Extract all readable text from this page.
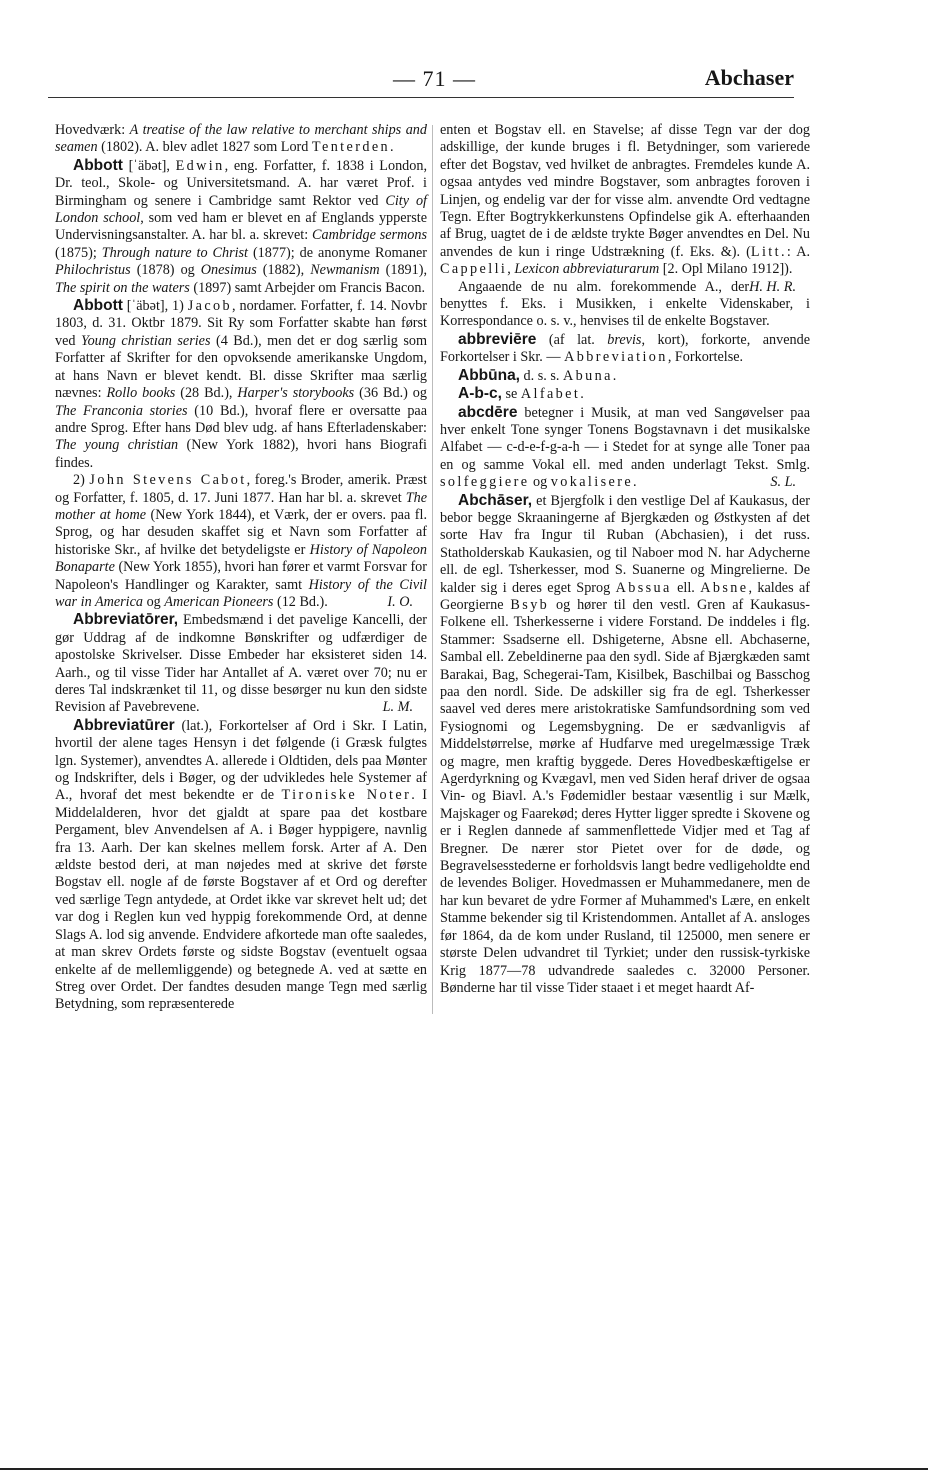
— 71 —	Abchaser

Hovedværk: A treatise of the law relative to merchant ships and seamen (1802). A. blev adlet 1827 som Lord Tenterden.

Abbott [ˈäbət], Edwin, eng. Forfatter, f. 1838 i London, Dr. teol., Skole- og Universitetsmand. A. har været Prof. i Birmingham og senere i Cambridge samt Rektor ved City of London school, som ved ham er blevet en af Englands ypperste Undervisningsanstalter. A. har bl. a. skrevet: Cambridge sermons (1875); Through nature to Christ (1877); de anonyme Romaner Philochristus (1878) og Onesimus (1882), Newmanism (1891), The spirit on the waters (1897) samt Arbejder om Francis Bacon.

Abbott [ˈäbət], 1) Jacob, nordamer. Forfatter, f. 14. Novbr 1803, d. 31. Oktbr 1879. Sit Ry som Forfatter skabte han først ved Young christian series (4 Bd.), men det er dog særlig som Forfatter af Skrifter for den opvoksende amerikanske Ungdom, at hans Navn er blevet kendt. Bl. disse Skrifter maa særlig nævnes: Rollo books (28 Bd.), Harper's storybooks (36 Bd.) og The Franconia stories (10 Bd.), hvoraf flere er oversatte paa andre Sprog. Efter hans Død blev udg. af hans Efterladenskaber: The young christian (New York 1882), hvori hans Biografi findes.

2) John Stevens Cabot, foreg.'s Broder, amerik. Præst og Forfatter, f. 1805, d. 17. Juni 1877. Han har bl. a. skrevet The mother at home (New York 1844), et Værk, der er overs. paa fl. Sprog, og har desuden skaffet sig et Navn som Forfatter af historiske Skr., af hvilke det betydeligste er History of Napoleon Bonaparte (New York 1855), hvori han fører et varmt Forsvar for Napoleon's Handlinger og Karakter, samt History of the Civil war in America og American Pioneers (12 Bd.).	I. O.

Abbreviatōrer, Embedsmænd i det pavelige Kancelli, der gør Uddrag af de indkomne Bønskrifter og udfærdiger de apostolske Skrivelser. Disse Embeder har eksisteret siden 14. Aarh., og til visse Tider har Antallet af A. været over 70; nu er deres Tal indskrænket til 11, og disse besørger nu kun den sidste Revision af Pavebrevene.	L. M.

Abbreviatūrer (lat.), Forkortelser af Ord i Skr. I Latin, hvortil der alene tages Hensyn i det følgende (i Græsk fulgtes lgn. Systemer), anvendtes A. allerede i Oldtiden, dels paa Mønter og Indskrifter, dels i Bøger, og der udvikledes hele Systemer af A., hvoraf det mest bekendte er de Tironiske Noter. I Middelalderen, hvor det gjaldt at spare paa det kostbare Pergament, blev Anvendelsen af A. i Bøger hyppigere, navnlig fra 13. Aarh. Der kan skelnes mellem forsk. Arter af A. Den ældste bestod deri, at man nøjedes med at skrive det første Bogstav ell. nogle af de første Bogstaver af et Ord og derefter ved særlige Tegn antydede, at Ordet ikke var skrevet helt ud; det var dog i Reglen kun ved hyppig forekommende Ord, at denne Slags A. lod sig anvende. Endvidere afkortede man ofte saaledes, at man skrev Ordets første og sidste Bogstav (eventuelt ogsaa enkelte af de mellemliggende) og betegnede A. ved at sætte en Streg over Ordet. Der fandtes desuden mange Tegn med særlig Betydning, som repræsenterede

enten et Bogstav ell. en Stavelse; af disse Tegn var der dog adskillige, der kunde bruges i fl. Betydninger, som varierede efter det Bogstav, ved hvilket de anbragtes. Fremdeles kunde A. ogsaa antydes ved mindre Bogstaver, som anbragtes foroven i Linjen, og endelig var der for visse alm. anvendte Ord vedtagne Tegn. Efter Bogtrykkerkunstens Opfindelse gik A. efterhaanden af Brug, uagtet de i de ældste trykte Bøger anvendtes en Del. Nu anvendes de kun i ringe Udstrækning (f. Eks. &). (Litt.: A. Cappelli, Lexicon abbreviaturarum [2. Opl Milano 1912]).
H. H. R.

Angaaende de nu alm. forekommende A., der benyttes f. Eks. i Musikken, i enkelte Videnskaber, i Korrespondance o. s. v., henvises til de enkelte Bogstaver.

abbreviēre (af lat. brevis, kort), forkorte, anvende Forkortelser i Skr. — Abbreviation, Forkortelse.

Abbūna, d. s. s. Abuna.

A-b-c, se Alfabet.

abcdēre betegner i Musik, at man ved Sangøvelser paa hver enkelt Tone synger Tonens Bogstavnavn i det musikalske Alfabet — c-d-e-f-g-a-h — i Stedet for at synge alle Toner paa en og samme Vokal ell. med anden underlagt Tekst. Smlg. solfeggiere og vokalisere.	S. L.

Abchāser, et Bjergfolk i den vestlige Del af Kaukasus, der bebor begge Skraaningerne af Bjergkæden og Østkysten af det sorte Hav fra Ingur til Ruban (Abchasien), i det russ. Statholderskab Kaukasien, og til Naboer mod N. har Adycherne ell. de egl. Tsherkesser, mod S. Suanerne og Mingrelierne. De kalder sig i deres eget Sprog Abssua ell. Absne, kaldes af Georgierne Bsyb og hører til den vestl. Gren af Kaukasus-Folkene ell. Tsherkesserne i videre Forstand. De inddeles i flg. Stammer: Ssadserne ell. Dshigeterne, Absne ell. Abchaserne, Sambal ell. Zebeldinerne paa den sydl. Side af Bjærgkæden samt Barakai, Bag, Schegerai-Tam, Kisilbek, Baschilbai og Basschog paa den nordl. Side. De adskiller sig fra de egl. Tsherkesser saavel ved deres mere aristokratiske Samfundsordning som ved Fysiognomi og Legemsbygning. De er sædvanligvis af Middelstørrelse, mørke af Hudfarve med uregelmæssige Træk og magre, men kraftig byggede. Deres Hovedbeskæftigelse er Agerdyrkning og Kvægavl, men ved Siden heraf driver de ogsaa Vin- og Biavl. A.'s Fødemidler bestaar væsentlig i sur Mælk, Majskager og Faarekød; deres Hytter ligger spredte i Skovene og er i Reglen dannede af sammenflettede Vidjer med et Tag af Bregner. De nærer stor Pietet over for de døde, og Begravelsesstederne er forholdsvis langt bedre vedligeholdte end de levendes Boliger. Hovedmassen er Muhammedanere, men de har kun bevaret de ydre Former af Muhammed's Lære, en enkelt Stamme bekender sig til Kristendommen. Antallet af A. ansloges før 1864, da de kom under Rusland, til 125000, men senere er største Delen udvandret til Tyrkiet; under den russisk-tyrkiske Krig 1877—78 udvandrede saaledes c. 32000 Personer. Bønderne har til visse Tider staaet i et meget haardt Af-
